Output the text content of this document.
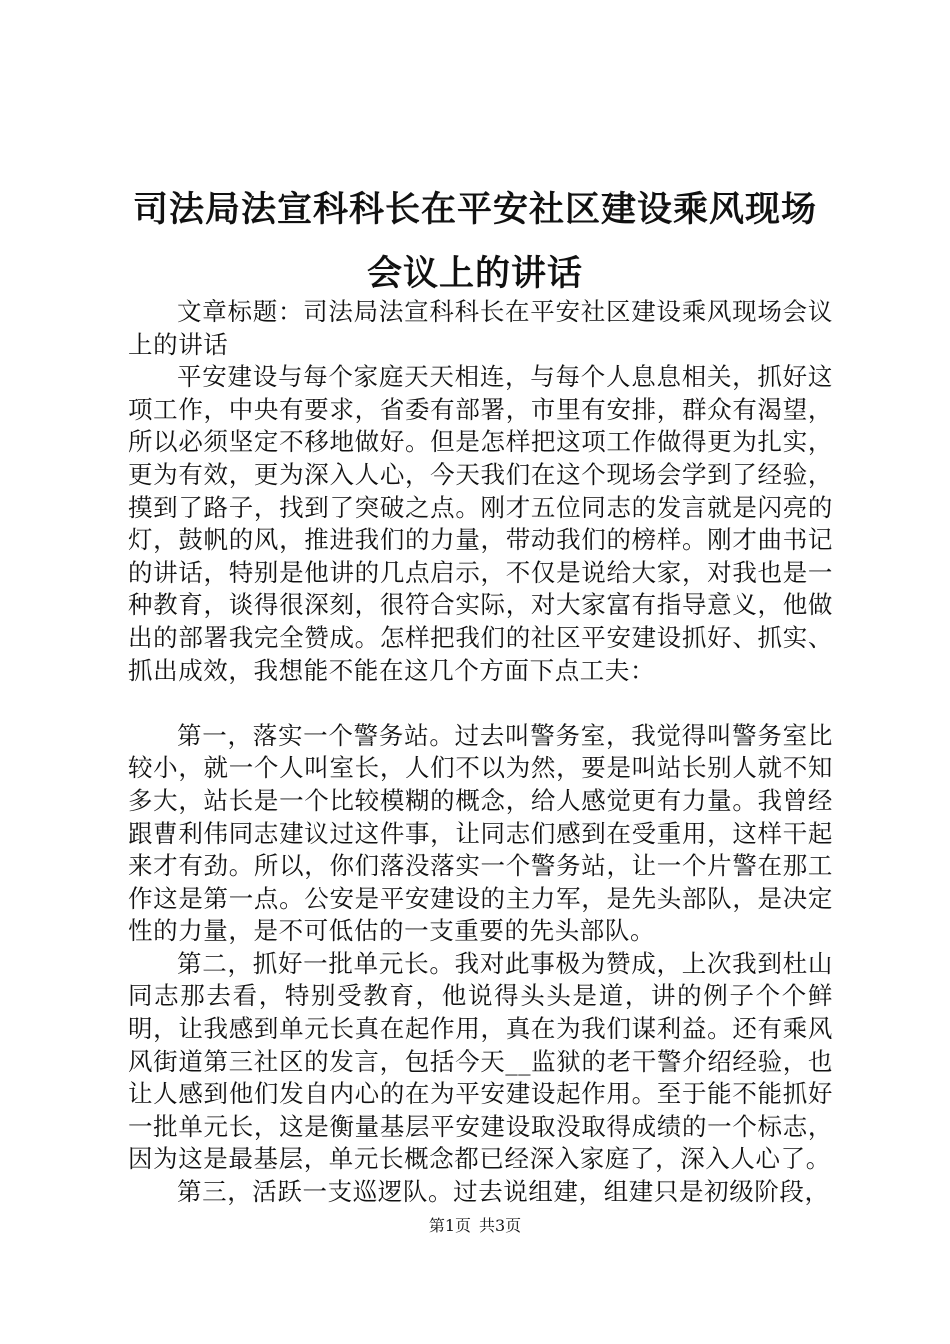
司法局法宣科科长在平安社区建设乘风现场会议上的讲话

文章标题：司法局法宣科科长在平安社区建设乘风现场会议上的讲话

平安建设与每个家庭天天相连，与每个人息息相关，抓好这项工作，中央有要求，省委有部署，市里有安排，群众有渴望，所以必须坚定不移地做好。但是怎样把这项工作做得更为扎实，更为有效，更为深入人心，今天我们在这个现场会学到了经验，摸到了路子，找到了突破之点。刚才五位同志的发言就是闪亮的灯，鼓帆的风，推进我们的力量，带动我们的榜样。刚才曲书记的讲话，特别是他讲的几点启示，不仅是说给大家，对我也是一种教育，谈得很深刻，很符合实际，对大家富有指导意义，他做出的部署我完全赞成。怎样把我们的社区平安建设抓好、抓实、抓出成效，我想能不能在这几个方面下点工夫：

第一，落实一个警务站。过去叫警务室，我觉得叫警务室比较小，就一个人叫室长，人们不以为然，要是叫站长别人就不知多大，站长是一个比较模糊的概念，给人感觉更有力量。我曾经跟曹利伟同志建议过这件事，让同志们感到在受重用，这样干起来才有劲。所以，你们落没落实一个警务站，让一个片警在那工作这是第一点。公安是平安建设的主力军，是先头部队，是决定性的力量，是不可低估的一支重要的先头部队。

第二，抓好一批单元长。我对此事极为赞成，上次我到杜山同志那去看，特别受教育，他说得头头是道，讲的例子个个鲜明，让我感到单元长真在起作用，真在为我们谋利益。还有乘风风街道第三社区的发言，包括今天__监狱的老干警介绍经验，也让人感到他们发自内心的在为平安建设起作用。至于能不能抓好一批单元长，这是衡量基层平安建设取没取得成绩的一个标志，因为这是最基层，单元长概念都已经深入家庭了，深入人心了。

第三，活跃一支巡逻队。过去说组建，组建只是初级阶段，

第1页 共3页
